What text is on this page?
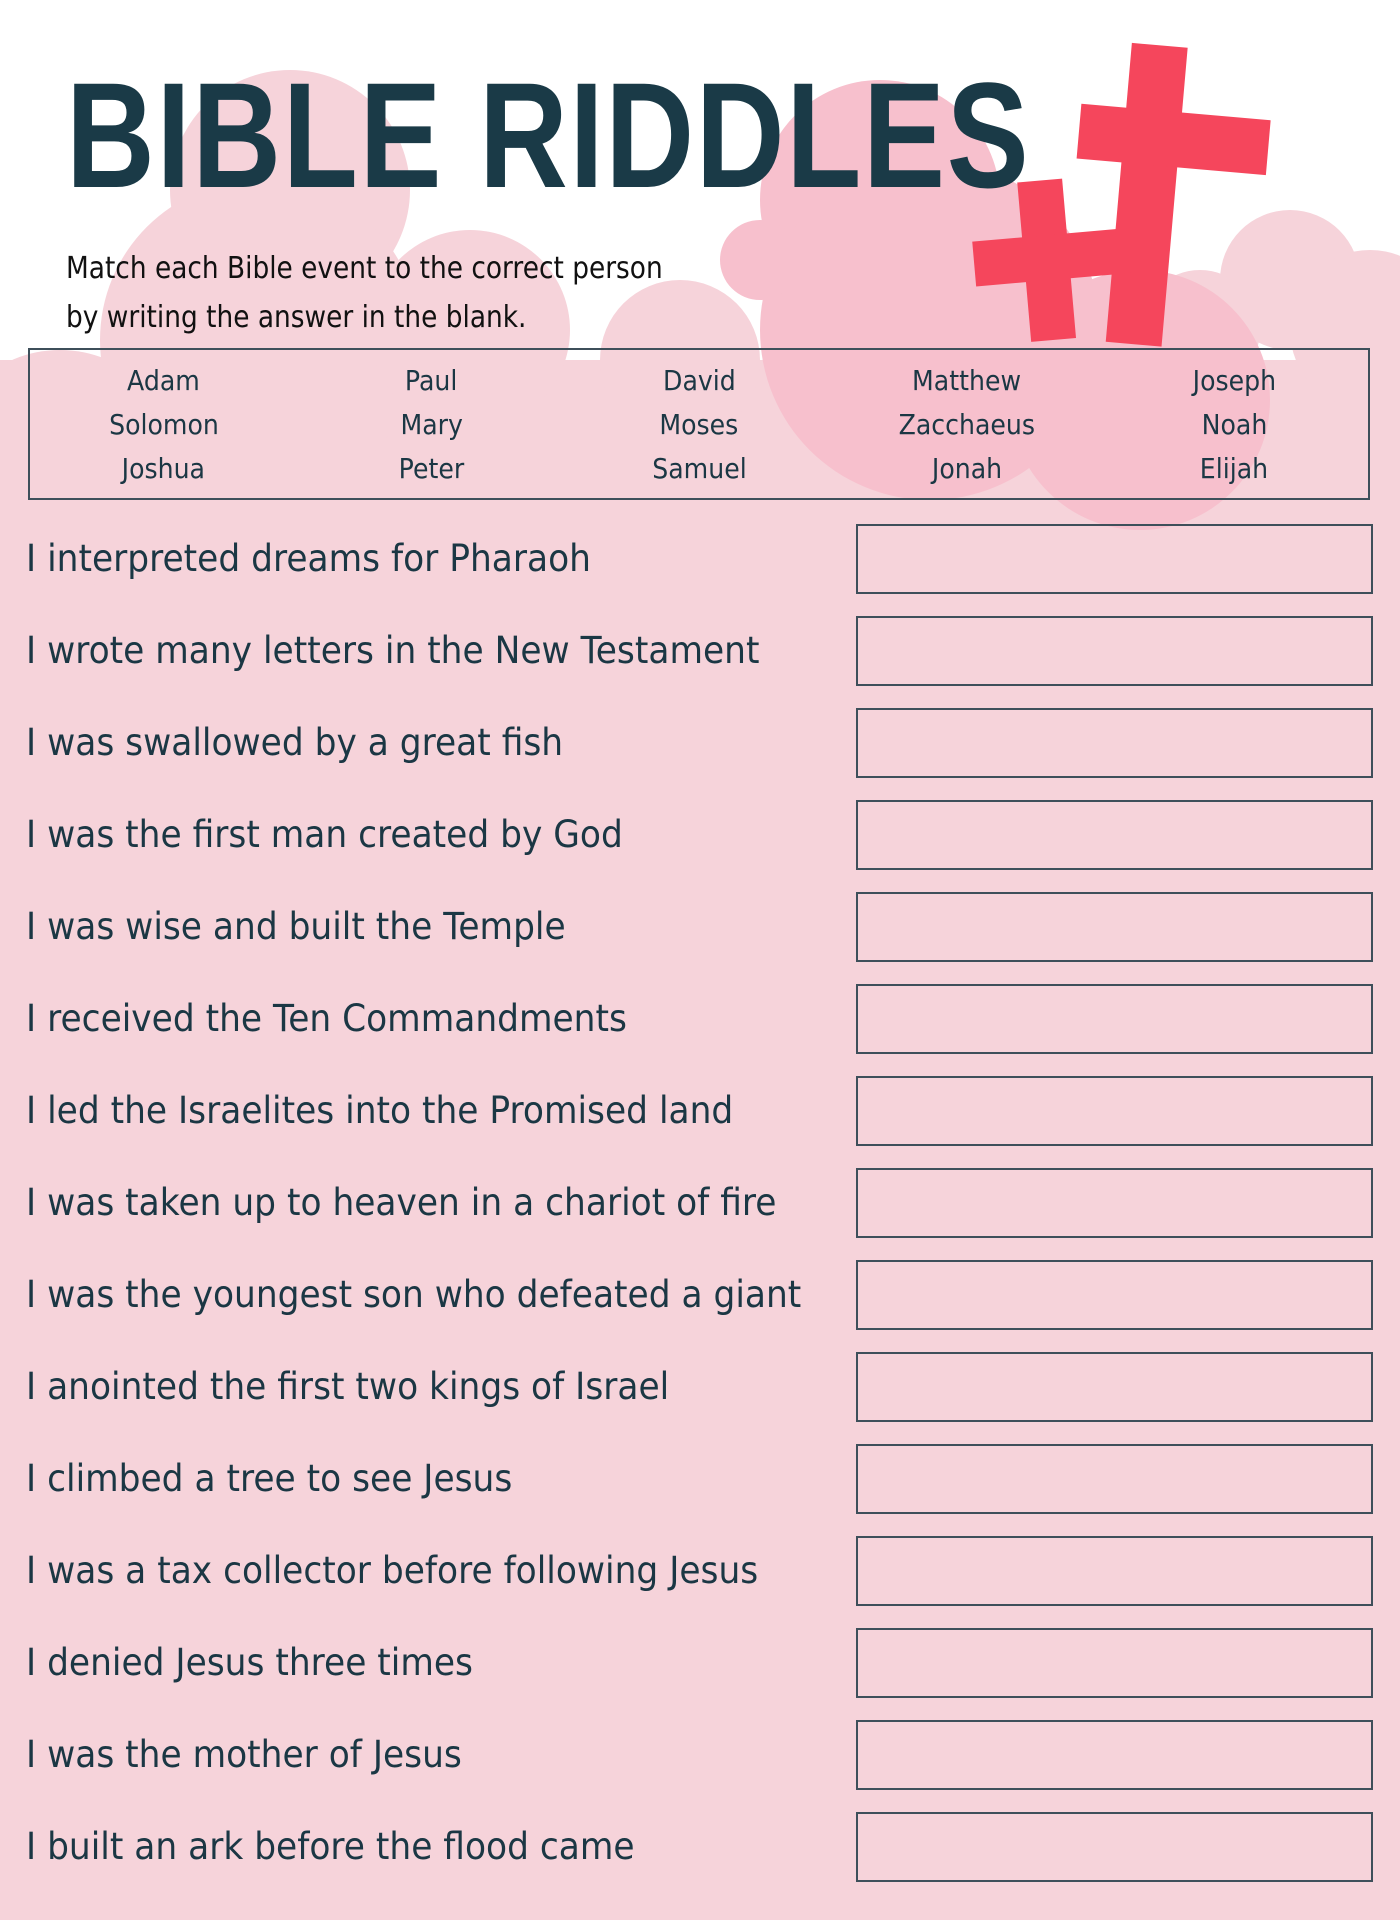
BIBLE RIDDLES
Match each Bible event to the correct person
by writing the answer in the blank.
Adam	Paul	David	Matthew	Joseph
Solomon	Mary	Moses	Zacchaeus	Noah
Joshua	Peter	Samuel	Jonah	Elijah
I interpreted dreams for Pharaoh
I wrote many letters in the New Testament
I was swallowed by a great fish
I was the first man created by God
I was wise and built the Temple
I received the Ten Commandments
I led the Israelites into the Promised land
I was taken up to heaven in a chariot of fire
I was the youngest son who defeated a giant
I anointed the first two kings of Israel
I climbed a tree to see Jesus
I was a tax collector before following Jesus
I denied Jesus three times
I was the mother of Jesus
I built an ark before the flood came
